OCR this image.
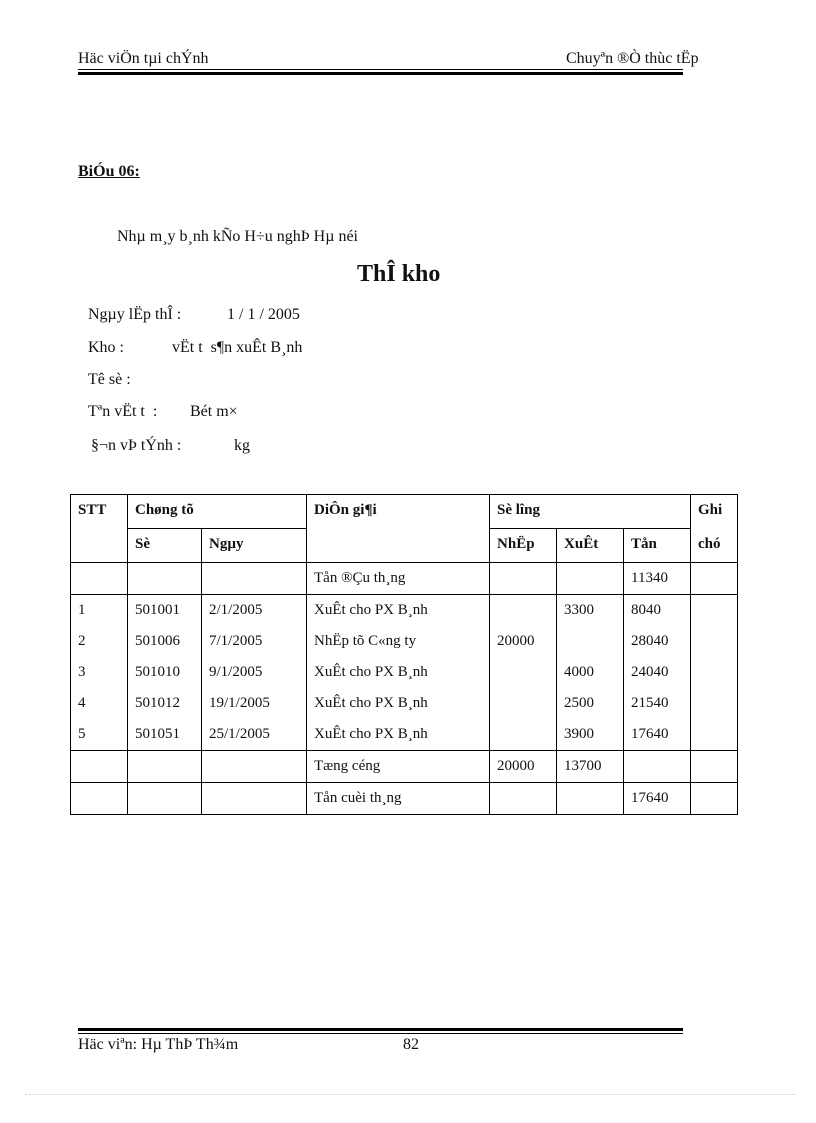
Häc viÖn tµi chÝnh	Chuyªn ®Ò thùc tËp
BiÓu 06:
Nhµ m¸y b¸nh kÑo H÷u nghÞ Hµ néi
ThÎ kho
Ngµy lËp thÎ :	1 / 1 / 2005
Kho :	vËt t  s¶n xuÊt B¸nh
Tê sè :
Tªn vËt t  : Bét m×
§¬n vÞ tÝnh :	kg
STT	Chøng tõ		DiÔn gi¶i	Sè lîng			Ghi
	Sè	Ngµy		NhËp	XuÊt	Tån	chó
			Tån ®Çu th¸ng			11340	
1	501001	2/1/2005	XuÊt cho PX B¸nh		3300	8040	
2	501006	7/1/2005	NhËp tõ C«ng ty	20000		28040	
3	501010	9/1/2005	XuÊt cho PX B¸nh		4000	24040	
4	501012	19/1/2005	XuÊt cho PX B¸nh		2500	21540	
5	501051	25/1/2005	XuÊt cho PX B¸nh		3900	17640	
			Tæng céng	20000	13700		
			Tån cuèi th¸ng			17640	
Häc viªn: Hµ ThÞ Th¾m	82
